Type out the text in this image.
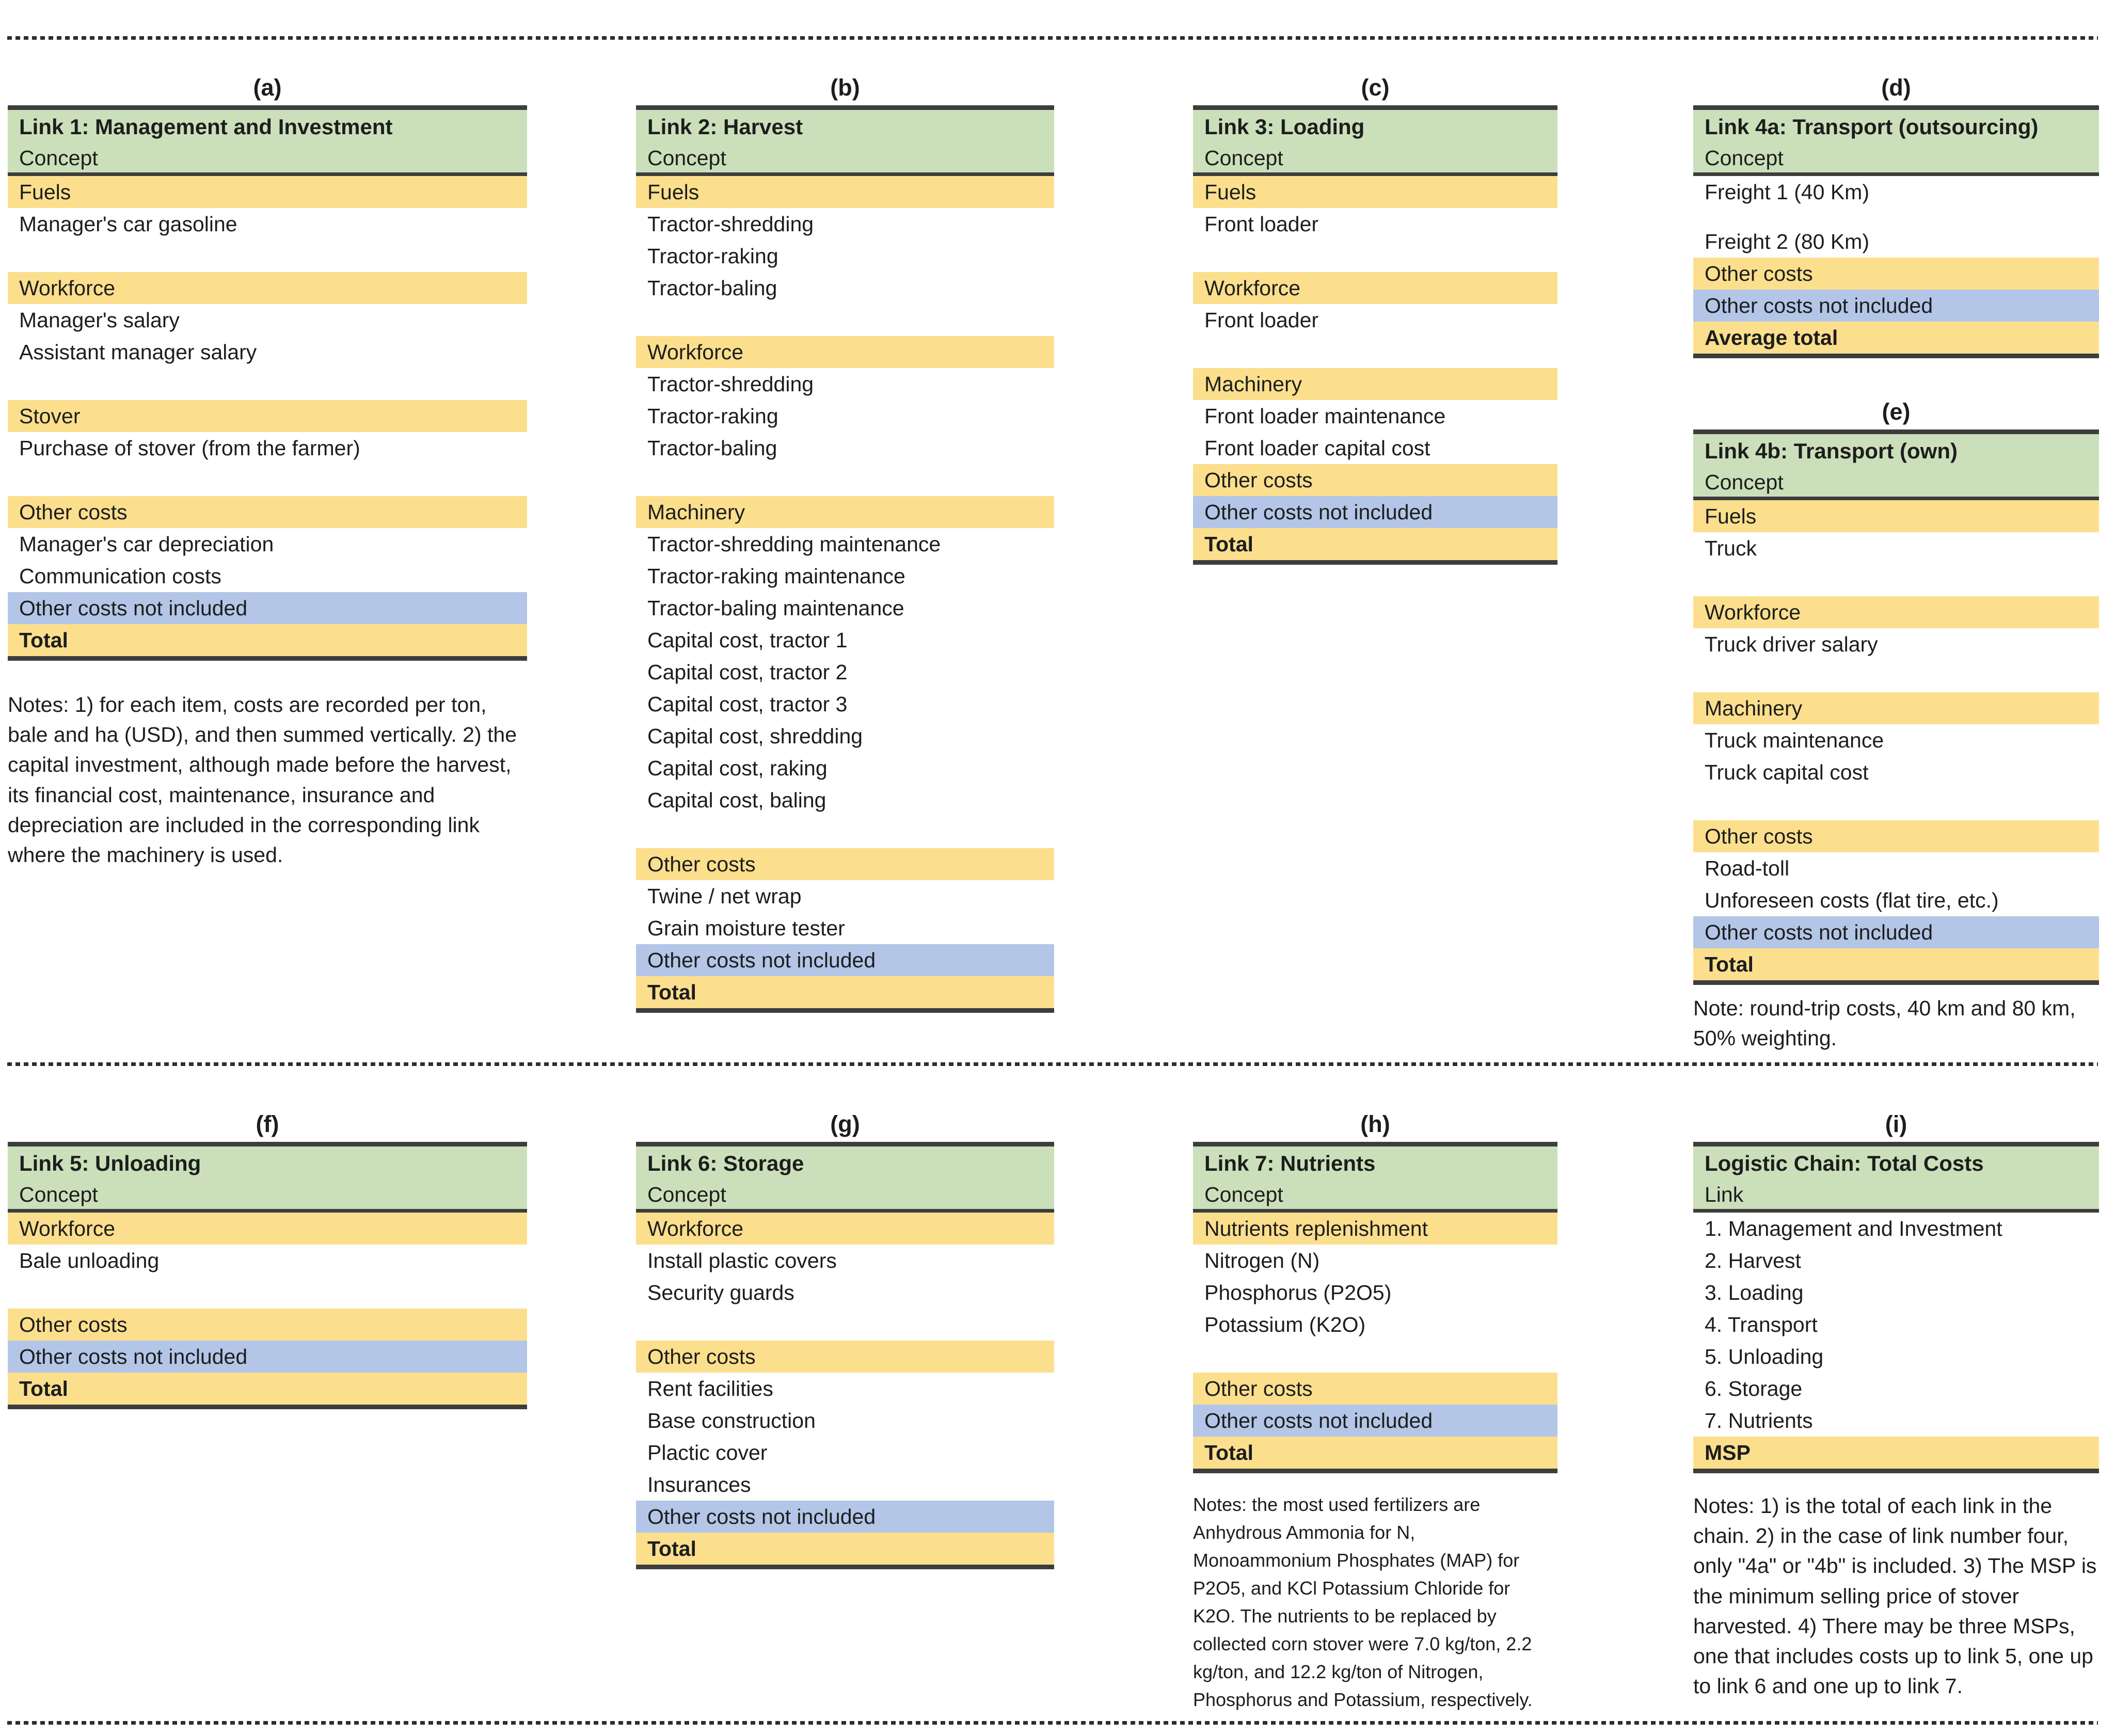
(a)
Link 1: Management and Investment
Concept
Fuels
Manager's car gasoline
Workforce
Manager's salary
Assistant manager salary
Stover
Purchase of stover (from the farmer)
Other costs
Manager's car depreciation
Communication costs
Other costs not included
Total
Notes: 1) for each item, costs are recorded per ton, bale and ha (USD), and then summed vertically. 2) the capital investment, although made before the harvest, its financial cost, maintenance, insurance and depreciation are included in the corresponding link where the machinery is used.
(b)
Link 2: Harvest
Concept
Fuels
Tractor-shredding
Tractor-raking
Tractor-baling
Workforce
Tractor-shredding
Tractor-raking
Tractor-baling
Machinery
Tractor-shredding maintenance
Tractor-raking maintenance
Tractor-baling maintenance
Capital cost, tractor 1
Capital cost, tractor 2
Capital cost, tractor 3
Capital cost, shredding
Capital cost, raking
Capital cost, baling
Other costs
Twine / net wrap
Grain moisture tester
Other costs not included
Total
(c)
Link 3: Loading
Concept
Fuels
Front loader
Workforce
Front loader
Machinery
Front loader maintenance
Front loader capital cost
Other costs
Other costs not included
Total
(d)
Link 4a: Transport (outsourcing)
Concept
Freight 1 (40 Km)
Freight 2 (80 Km)
Other costs
Other costs not included
Average total
(e)
Link 4b: Transport (own)
Concept
Fuels
Truck
Workforce
Truck driver salary
Machinery
Truck maintenance
Truck capital cost
Other costs
Road-toll
Unforeseen costs (flat tire, etc.)
Other costs not included
Total
Note: round-trip costs, 40 km and 80 km, 50% weighting.
(f)
Link 5: Unloading
Concept
Workforce
Bale unloading
Other costs
Other costs not included
Total
(g)
Link 6: Storage
Concept
Workforce
Install plastic covers
Security guards
Other costs
Rent facilities
Base construction
Plactic cover
Insurances
Other costs not included
Total
(h)
Link 7: Nutrients
Concept
Nutrients replenishment
Nitrogen (N)
Phosphorus (P2O5)
Potassium (K2O)
Other costs
Other costs not included
Total
Notes: the most used fertilizers are Anhydrous Ammonia for N, Monoammonium Phosphates (MAP) for P2O5, and KCl Potassium Chloride for K2O. The nutrients to be replaced by collected corn stover were 7.0 kg/ton, 2.2 kg/ton, and 12.2 kg/ton of Nitrogen, Phosphorus and Potassium, respectively.
(i)
Logistic Chain: Total Costs
Link
1. Management and Investment
2. Harvest
3. Loading
4. Transport
5. Unloading
6. Storage
7. Nutrients
MSP
Notes: 1) is the total of each link in the chain. 2) in the case of link number four, only "4a" or "4b" is included. 3) The MSP is the minimum selling price of stover harvested. 4) There may be three MSPs, one that includes costs up to link 5, one up to link 6 and one up to link 7.
